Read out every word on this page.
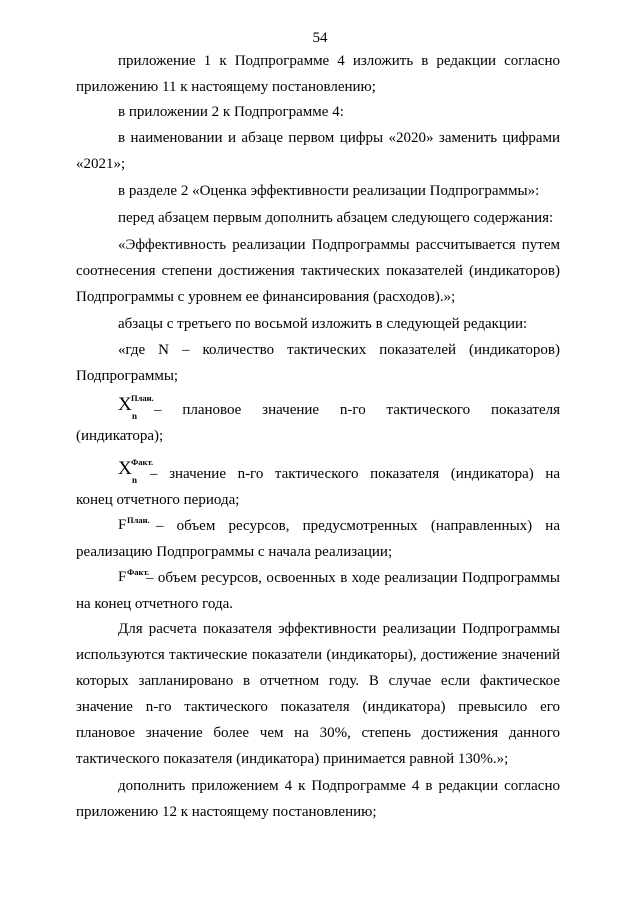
54
приложение 1 к Подпрограмме 4 изложить в редакции согласно
приложению 11 к настоящему постановлению;
в приложении 2 к Подпрограмме 4:
в наименовании и абзаце первом цифры «2020» заменить цифрами
«2021»;
в разделе 2 «Оценка эффективности реализации Подпрограммы»:
перед абзацем первым дополнить абзацем следующего содержания:
«Эффективность реализации Подпрограммы рассчитывается путем
соотнесения степени достижения тактических показателей (индикаторов)
Подпрограммы с уровнем ее финансирования (расходов).»;
абзацы с третьего по восьмой изложить в следующей редакции:
«где N – количество тактических показателей (индикаторов)
Подпрограммы;
X План.
n – плановое значение n-го тактического показателя
(индикатора);
X Факт.
n – значение n-го тактического показателя (индикатора) на
конец отчетного периода;
F План. – объем ресурсов, предусмотренных (направленных) на
реализацию Подпрограммы с начала реализации;
F Факт.
– объем ресурсов, освоенных в ходе реализации Подпрограммы
на конец отчетного года.
Для расчета показателя эффективности реализации Подпрограммы
используются тактические показатели (индикаторы), достижение значений
которых запланировано в отчетном году. В случае если фактическое
значение n-го тактического показателя (индикатора) превысило его
плановое значение более чем на 30%, степень достижения данного
тактического показателя (индикатора) принимается равной 130%.»;
дополнить приложением 4 к Подпрограмме 4 в редакции согласно
приложению 12 к настоящему постановлению;
